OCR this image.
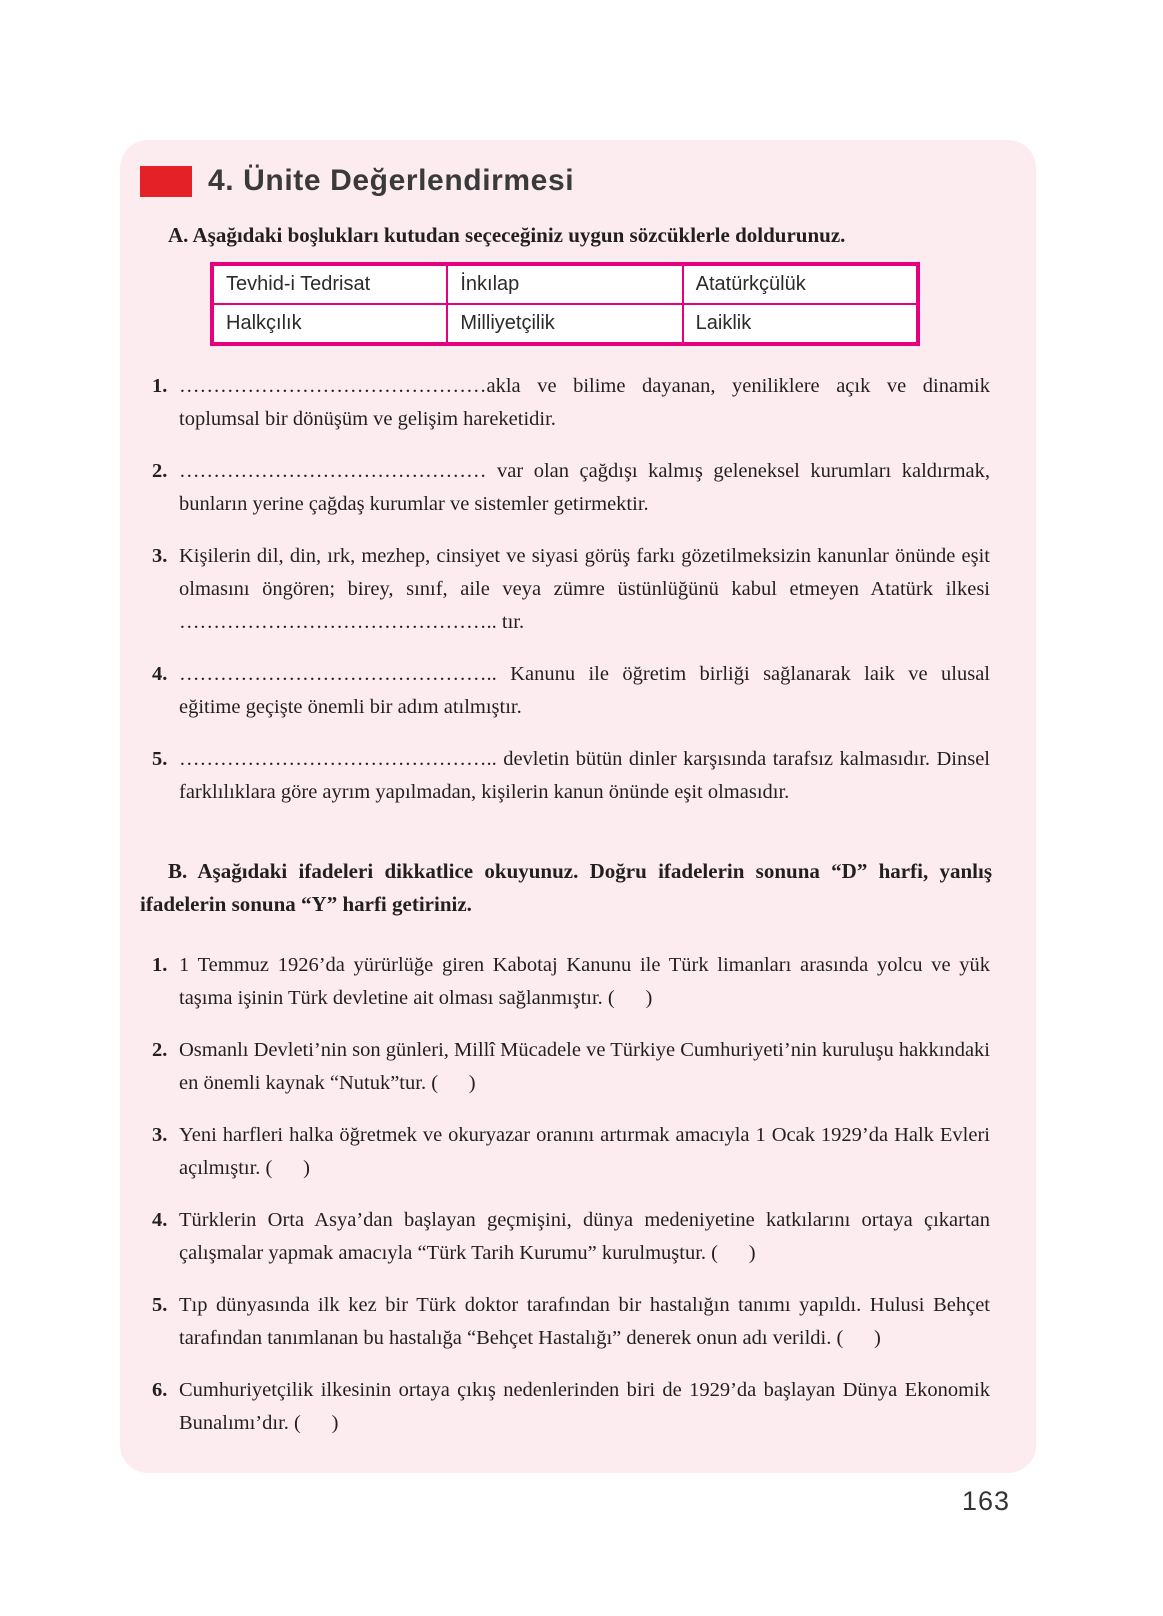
4. Ünite Değerlendirmesi

A. Aşağıdaki boşlukları kutudan seçeceğiniz uygun sözcüklerle doldurunuz.

Tevhid-i Tedrisat	İnkılap	Atatürkçülük
Halkçılık	Milliyetçilik	Laiklik
1. ………………………………………akla ve bilime dayanan, yeniliklere açık ve dinamik toplumsal bir dönüşüm ve gelişim hareketidir.
2. ……………………………………… var olan çağdışı kalmış geleneksel kurumları kaldırmak, bunların yerine çağdaş kurumlar ve sistemler getirmektir.
3. Kişilerin dil, din, ırk, mezhep, cinsiyet ve siyasi görüş farkı gözetilmeksizin kanunlar önünde eşit olmasını öngören; birey, sınıf, aile veya zümre üstünlüğünü kabul etmeyen Atatürk ilkesi ……………………………………….. tır.
4. ……………………………………….. Kanunu ile öğretim birliği sağlanarak laik ve ulusal eğitime geçişte önemli bir adım atılmıştır.
5. ……………………………………….. devletin bütün dinler karşısında tarafsız kalmasıdır. Dinsel farklılıklara göre ayrım yapılmadan, kişilerin kanun önünde eşit olmasıdır.

B. Aşağıdaki ifadeleri dikkatlice okuyunuz. Doğru ifadelerin sonuna “D” harfi, yanlış ifadelerin sonuna “Y” harfi getiriniz.

1. 1 Temmuz 1926’da yürürlüğe giren Kabotaj Kanunu ile Türk limanları arasında yolcu ve yük taşıma işinin Türk devletine ait olması sağlanmıştır. (   )
2. Osmanlı Devleti’nin son günleri, Millî Mücadele ve Türkiye Cumhuriyeti’nin kuruluşu hakkındaki en önemli kaynak “Nutuk”tur. (   )
3. Yeni harfleri halka öğretmek ve okuryazar oranını artırmak amacıyla 1 Ocak 1929’da Halk Evleri açılmıştır. (   )
4. Türklerin Orta Asya’dan başlayan geçmişini, dünya medeniyetine katkılarını ortaya çıkartan çalışmalar yapmak amacıyla “Türk Tarih Kurumu” kurulmuştur. (   )
5. Tıp dünyasında ilk kez bir Türk doktor tarafından bir hastalığın tanımı yapıldı. Hulusi Behçet tarafından tanımlanan bu hastalığa “Behçet Hastalığı” denerek onun adı verildi. (   )
6. Cumhuriyetçilik ilkesinin ortaya çıkış nedenlerinden biri de 1929’da başlayan Dünya Ekonomik Bunalımı’dır. (   )
163
